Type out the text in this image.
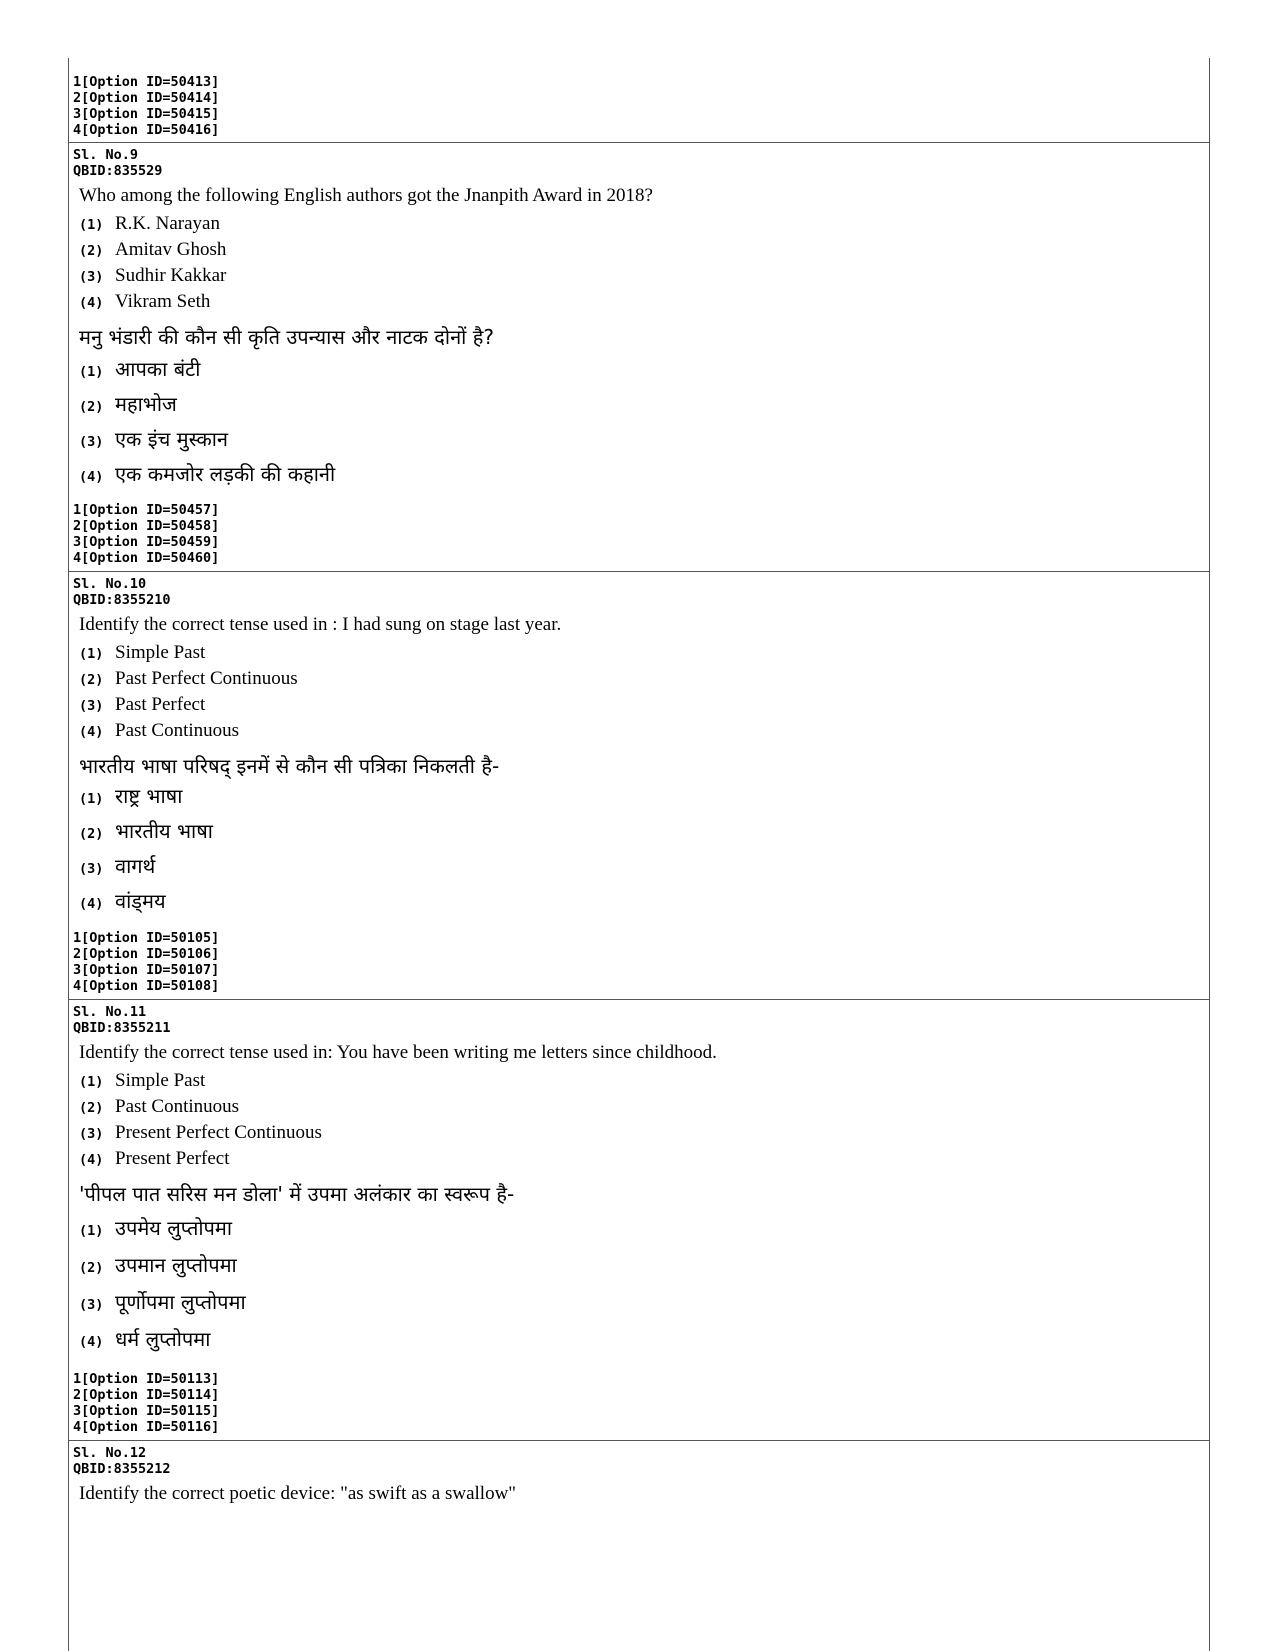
1[Option ID=50413]
2[Option ID=50414]
3[Option ID=50415]
4[Option ID=50416]
Sl. No.9
QBID:835529
Who among the following English authors got the Jnanpith Award in 2018?
(1) R.K. Narayan
(2) Amitav Ghosh
(3) Sudhir Kakkar
(4) Vikram Seth
मनु भंडारी की कौन सी कृति उपन्यास और नाटक दोनों है?
(1) आपका बंटी
(2) महाभोज
(3) एक इंच मुस्कान
(4) एक कमजोर लड़की की कहानी
1[Option ID=50457]
2[Option ID=50458]
3[Option ID=50459]
4[Option ID=50460]
Sl. No.10
QBID:8355210
Identify the correct tense used in : I had sung on stage last year.
(1) Simple Past
(2) Past Perfect Continuous
(3) Past Perfect
(4) Past Continuous
भारतीय भाषा परिषद् इनमें से कौन सी पत्रिका निकलती है-
(1) राष्ट्र भाषा
(2) भारतीय भाषा
(3) वागर्थ
(4) वांड्मय
1[Option ID=50105]
2[Option ID=50106]
3[Option ID=50107]
4[Option ID=50108]
Sl. No.11
QBID:8355211
Identify the correct tense used in: You have been writing me letters since childhood.
(1) Simple Past
(2) Past Continuous
(3) Present Perfect Continuous
(4) Present Perfect
'पीपल पात सरिस मन डोला' में उपमा अलंकार का स्वरूप है-
(1) उपमेय लुप्तोपमा
(2) उपमान लुप्तोपमा
(3) पूर्णोपमा लुप्तोपमा
(4) धर्म लुप्तोपमा
1[Option ID=50113]
2[Option ID=50114]
3[Option ID=50115]
4[Option ID=50116]
Sl. No.12
QBID:8355212
Identify the correct poetic device: "as swift as a swallow"
